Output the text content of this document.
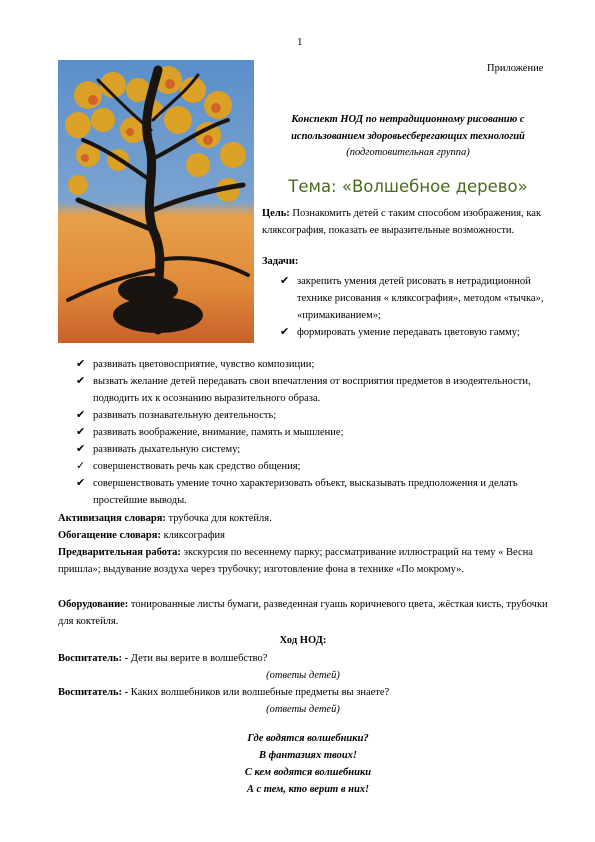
1
Приложение
Конспект НОД по нетрадиционному рисованию с
использованием здоровьесберегающих технологий
(подготовительная группа)
Тема: «Волшебное дерево»
Цель: Познакомить детей с таким способом изображения, как кляксография, показать ее выразительные возможности.
Задачи:
✔ закрепить умения детей рисовать в нетрадиционной технике рисования « кляксография», методом «тычка», «примакиванием»;
✔ формировать умение передавать цветовую гамму;
✔ развивать цветовосприятие, чувство композиции;
✔ вызвать желание детей передавать свои впечатления от восприятия предметов в изодеятельности, подводить их к осознанию выразительного образа.
✔ развивать познавательную деятельность;
✔ развивать воображение, внимание, память и мышление;
✔ развивать дыхательную систему;
✓ совершенствовать речь как средство общения;
✔ совершенствовать умение точно характеризовать объект, высказывать предположения и делать простейшие выводы.
Активизация словаря: трубочка для коктейля.
Обогащение словаря: кляксография
Предварительная работа: экскурсия по весеннему парку; рассматривание иллюстраций на тему « Весна пришла»; выдувание воздуха через трубочку; изготовление фона в технике «По мокрому».
Оборудование: тонированные листы бумаги, разведенная гуашь коричневого цвета, жёсткая кисть, трубочки для коктейля.
Ход НОД:
Воспитатель: - Дети вы верите в волшебство?
(ответы детей)
Воспитатель: - Каких волшебников или волшебные предметы вы знаете?
(ответы детей)
Где водятся волшебники?
В фантазиях твоих!
С кем водятся волшебники
А с тем, кто верит в них!
